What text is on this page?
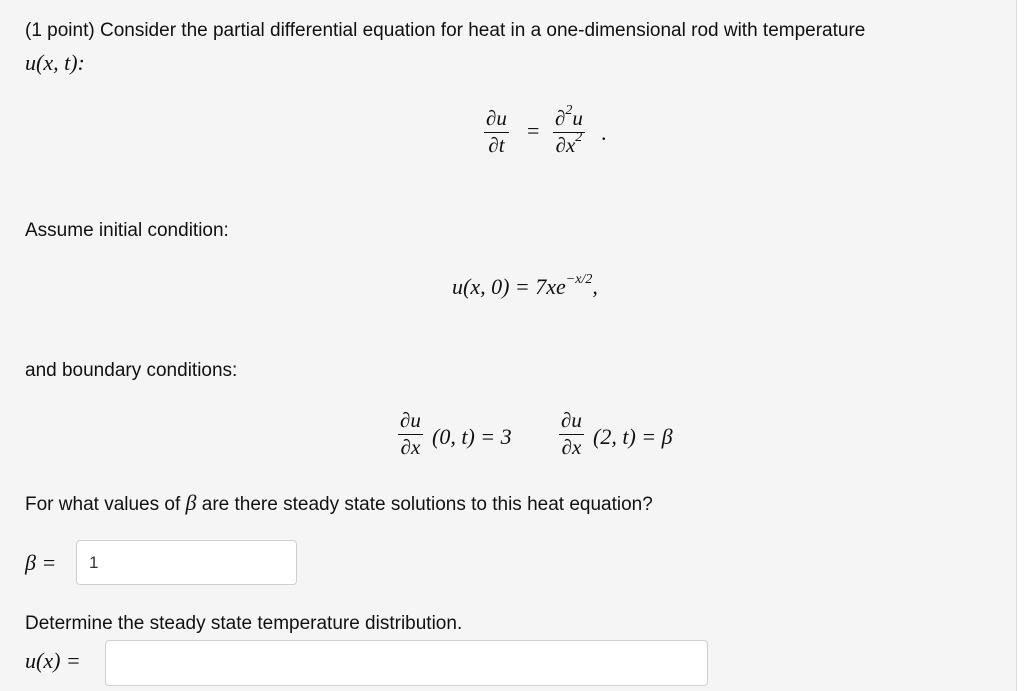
(1 point) Consider the partial differential equation for heat in a one-dimensional rod with temperature
u(x, t):
∂u
∂t
= ∂$^2$u
$\partial x^2$ .
Assume initial condition:
u(x, $0) = 7xe^{-x/2}$,
and boundary conditions:
∂u
∂x (0, t) = 3
∂u
∂x (2, t) = β
For what values of β are there steady state solutions to this heat equation?
β =
1
Determine the steady state temperature distribution.
u(x) =
